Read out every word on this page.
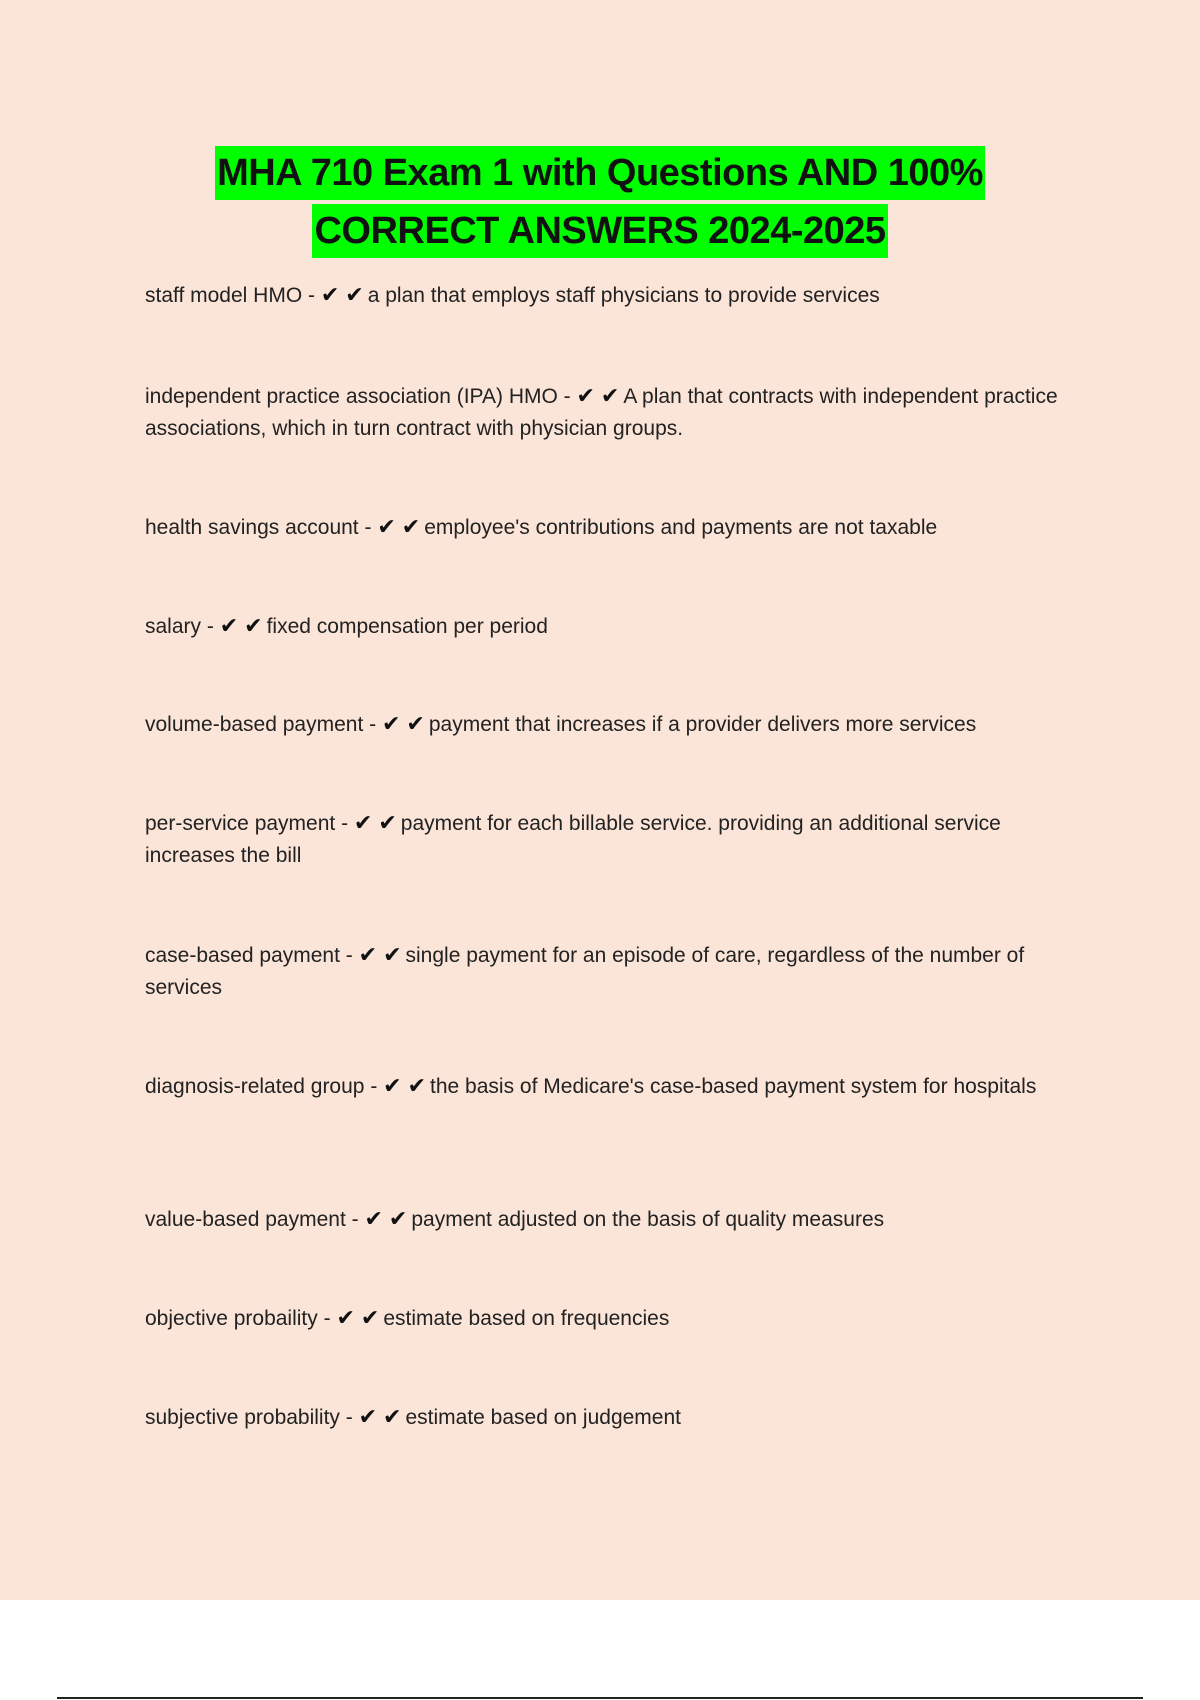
MHA 710 Exam 1 with Questions AND 100%
CORRECT ANSWERS 2024-2025
staff model HMO - ✔ ✔ a plan that employs staff physicians to provide services
independent practice association (IPA) HMO - ✔ ✔ A plan that contracts with independent practice associations, which in turn contract with physician groups.
health savings account - ✔ ✔ employee's contributions and payments are not taxable
salary - ✔ ✔ fixed compensation per period
volume-based payment - ✔ ✔ payment that increases if a provider delivers more services
per-service payment - ✔ ✔ payment for each billable service. providing an additional service increases the bill
case-based payment - ✔ ✔ single payment for an episode of care, regardless of the number of services
diagnosis-related group - ✔ ✔ the basis of Medicare's case-based payment system for hospitals
value-based payment - ✔ ✔ payment adjusted on the basis of quality measures
objective probaility - ✔ ✔ estimate based on frequencies
subjective probability - ✔ ✔ estimate based on judgement
